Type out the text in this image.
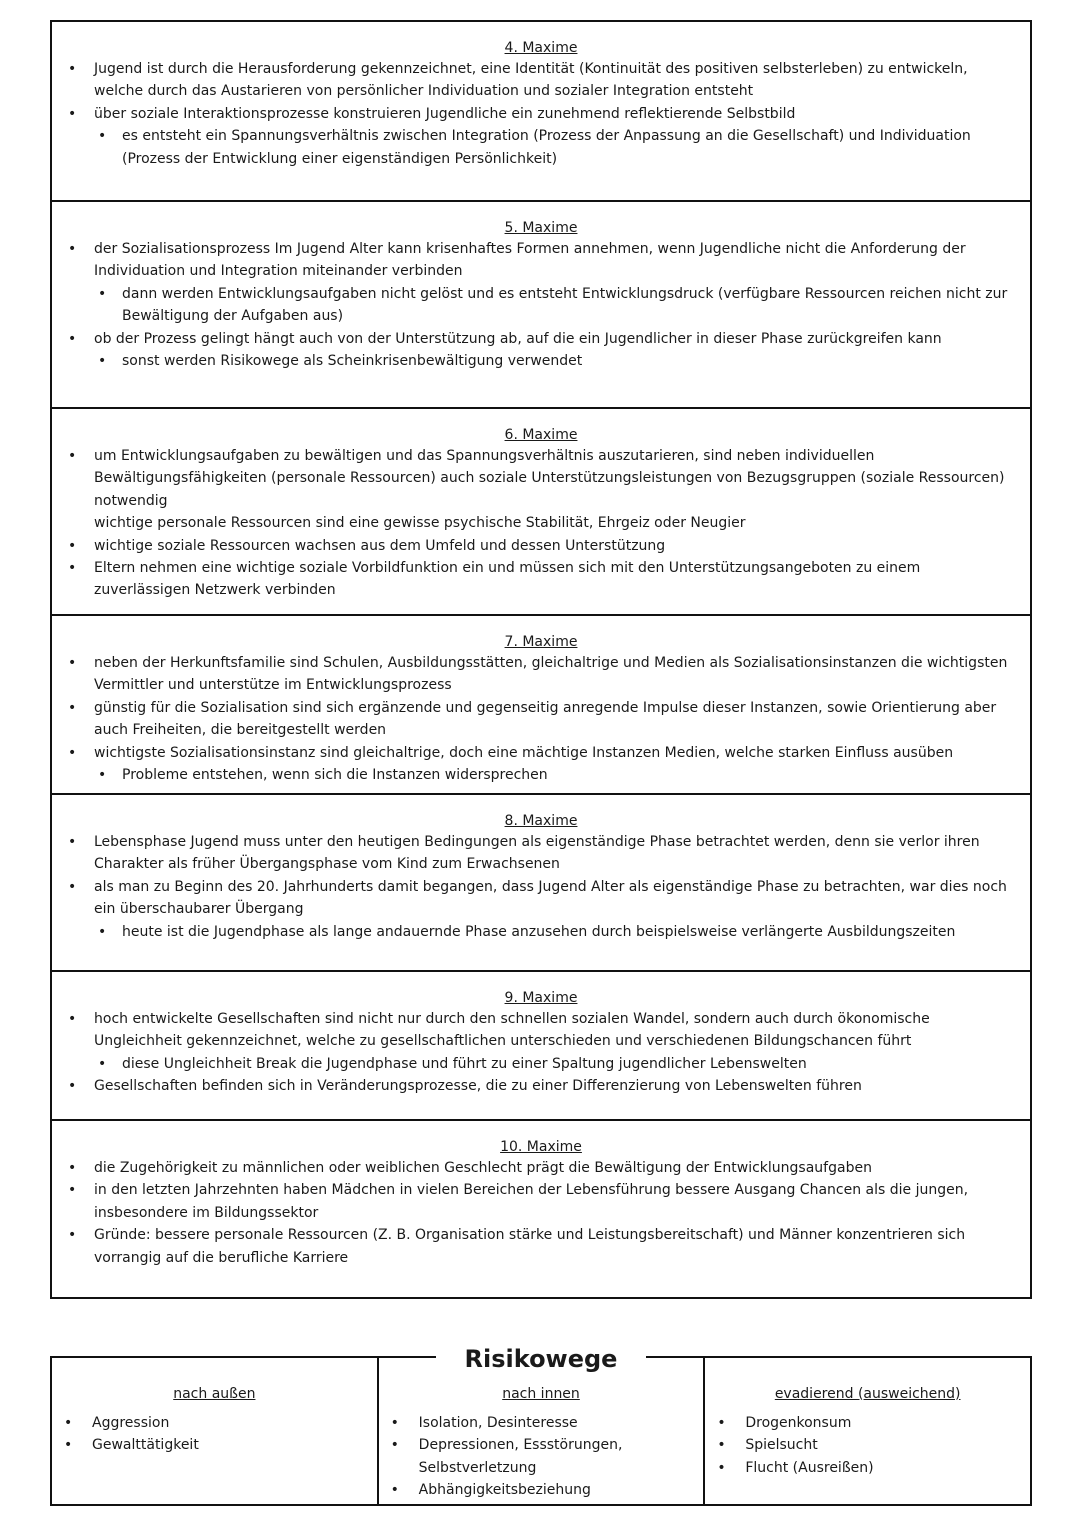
4. Maxime
• Jugend ist durch die Herausforderung gekennzeichnet, eine Identität (Kontinuität des positiven selbsterleben) zu entwickeln, welche durch das Austarieren von persönlicher Individuation und sozialer Integration entsteht
• über soziale Interaktionsprozesse konstruieren Jugendliche ein zunehmend reflektierende Selbstbild
• es entsteht ein Spannungsverhältnis zwischen Integration (Prozess der Anpassung an die Gesellschaft) und Individuation (Prozess der Entwicklung einer eigenständigen Persönlichkeit)
5. Maxime
• der Sozialisationsprozess Im Jugend Alter kann krisenhaftes Formen annehmen, wenn Jugendliche nicht die Anforderung der Individuation und Integration miteinander verbinden
• dann werden Entwicklungsaufgaben nicht gelöst und es entsteht Entwicklungsdruck (verfügbare Ressourcen reichen nicht zur Bewältigung der Aufgaben aus)
• ob der Prozess gelingt hängt auch von der Unterstützung ab, auf die ein Jugendlicher in dieser Phase zurückgreifen kann
• sonst werden Risikowege als Scheinkrisenbewältigung verwendet
6. Maxime
• um Entwicklungsaufgaben zu bewältigen und das Spannungsverhältnis auszutarieren, sind neben individuellen Bewältigungsfähigkeiten (personale Ressourcen) auch soziale Unterstützungsleistungen von Bezugsgruppen (soziale Ressourcen) notwendig
wichtige personale Ressourcen sind eine gewisse psychische Stabilität, Ehrgeiz oder Neugier
• wichtige soziale Ressourcen wachsen aus dem Umfeld und dessen Unterstützung
• Eltern nehmen eine wichtige soziale Vorbildfunktion ein und müssen sich mit den Unterstützungsangeboten zu einem zuverlässigen Netzwerk verbinden
7. Maxime
• neben der Herkunftsfamilie sind Schulen, Ausbildungsstätten, gleichaltrige und Medien als Sozialisationsinstanzen die wichtigsten Vermittler und unterstütze im Entwicklungsprozess
• günstig für die Sozialisation sind sich ergänzende und gegenseitig anregende Impulse dieser Instanzen, sowie Orientierung aber auch Freiheiten, die bereitgestellt werden
• wichtigste Sozialisationsinstanz sind gleichaltrige, doch eine mächtige Instanzen Medien, welche starken Einfluss ausüben
• Probleme entstehen, wenn sich die Instanzen widersprechen
8. Maxime
• Lebensphase Jugend muss unter den heutigen Bedingungen als eigenständige Phase betrachtet werden, denn sie verlor ihren Charakter als früher Übergangsphase vom Kind zum Erwachsenen
• als man zu Beginn des 20. Jahrhunderts damit begangen, dass Jugend Alter als eigenständige Phase zu betrachten, war dies noch ein überschaubarer Übergang
• heute ist die Jugendphase als lange andauernde Phase anzusehen durch beispielsweise verlängerte Ausbildungszeiten
9. Maxime
• hoch entwickelte Gesellschaften sind nicht nur durch den schnellen sozialen Wandel, sondern auch durch ökonomische Ungleichheit gekennzeichnet, welche zu gesellschaftlichen unterschieden und verschiedenen Bildungschancen führt
• diese Ungleichheit Break die Jugendphase und führt zu einer Spaltung jugendlicher Lebenswelten
• Gesellschaften befinden sich in Veränderungsprozesse, die zu einer Differenzierung von Lebenswelten führen
10. Maxime
• die Zugehörigkeit zu männlichen oder weiblichen Geschlecht prägt die Bewältigung der Entwicklungsaufgaben
• in den letzten Jahrzehnten haben Mädchen in vielen Bereichen der Lebensführung bessere Ausgang Chancen als die jungen, insbesondere im Bildungssektor
• Gründe: bessere personale Ressourcen (Z. B. Organisation stärke und Leistungsbereitschaft) und Männer konzentrieren sich vorrangig auf die berufliche Karriere
nach außen
• Aggression
• Gewalttätigkeit
nach innen
• Isolation, Desinteresse
• Depressionen, Essstörungen, Selbstverletzung
• Abhängigkeitsbeziehung
evadierend (ausweichend)
• Drogenkonsum
• Spielsucht
• Flucht (Ausreißen)
Risikowege
